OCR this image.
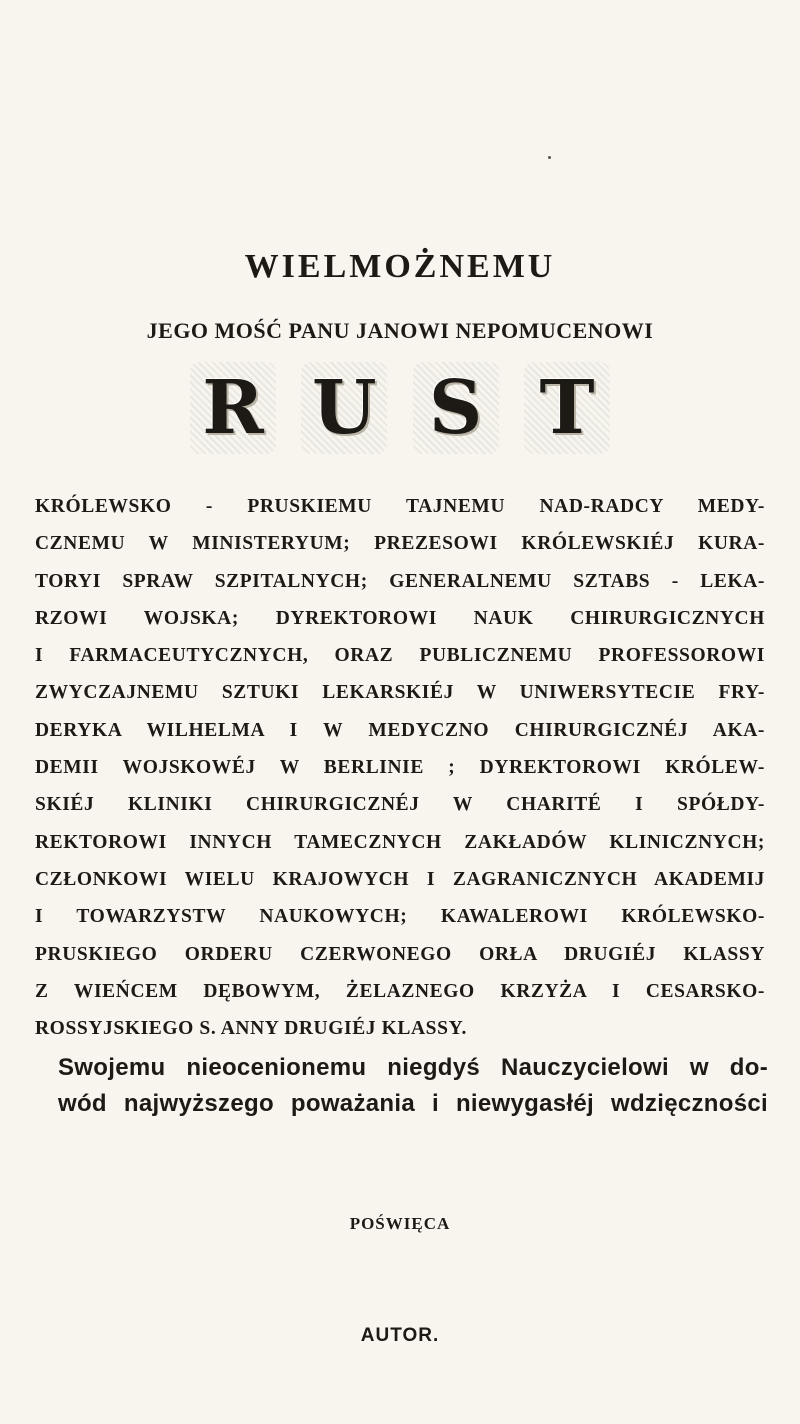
WIELMOŻNEMU
JEGO MOŚĆ PANU JANOWI NEPOMUCENOWI
R U S T
KRÓLEWSKO - PRUSKIEMU TAJNEMU NAD-RADCY MEDY-
CZNEMU W MINISTERYUM; PREZESOWI KRÓLEWSKIÉJ KURA-
TORYI SPRAW SZPITALNYCH; GENERALNEMU SZTABS - LEKA-
RZOWI WOJSKA; DYREKTOROWI NAUK CHIRURGICZNYCH
I FARMACEUTYCZNYCH, ORAZ PUBLICZNEMU PROFESSOROWI
ZWYCZAJNEMU SZTUKI LEKARSKIÉJ W UNIWERSYTECIE FRY-
DERYKA WILHELMA I W MEDYCZNO CHIRURGICZNÉJ AKA-
DEMII WOJSKOWÉJ W BERLINIE ; DYREKTOROWI KRÓLEW-
SKIÉJ KLINIKI CHIRURGICZNÉJ W CHARITÉ I SPÓŁDY-
REKTOROWI INNYCH TAMECZNYCH ZAKŁADÓW KLINICZNYCH;
CZŁONKOWI WIELU KRAJOWYCH I ZAGRANICZNYCH AKADEMIJ
I TOWARZYSTW NAUKOWYCH; KAWALEROWI KRÓLEWSKO-
PRUSKIEGO ORDERU CZERWONEGO ORŁA DRUGIÉJ KLASSY
Z WIEŃCEM DĘBOWYM, ŻELAZNEGO KRZYŻA I CESARSKO-
ROSSYJSKIEGO S. ANNY DRUGIÉJ KLASSY.
Swojemu nieocenionemu niegdyś Nauczycielowi w do-
wód najwyższego poważania i niewygasłéj wdzięczności
POŚWIĘCA
AUTOR.
